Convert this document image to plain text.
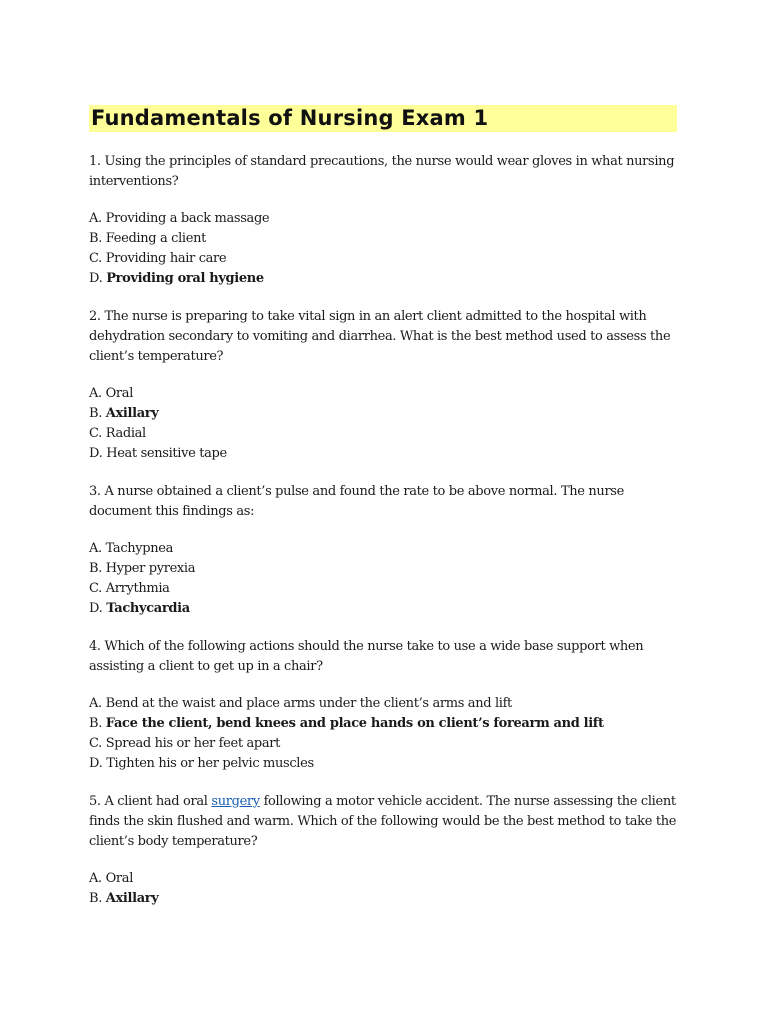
Fundamentals of Nursing Exam 1

1. Using the principles of standard precautions, the nurse would wear gloves in what nursing interventions?

A. Providing a back massage
B. Feeding a client
C. Providing hair care
D. Providing oral hygiene

2. The nurse is preparing to take vital sign in an alert client admitted to the hospital with dehydration secondary to vomiting and diarrhea. What is the best method used to assess the client’s temperature?

A. Oral
B. Axillary
C. Radial
D. Heat sensitive tape

3. A nurse obtained a client’s pulse and found the rate to be above normal. The nurse document this findings as:

A. Tachypnea
B. Hyper pyrexia
C. Arrythmia
D. Tachycardia

4. Which of the following actions should the nurse take to use a wide base support when assisting a client to get up in a chair?

A. Bend at the waist and place arms under the client’s arms and lift
B. Face the client, bend knees and place hands on client’s forearm and lift
C. Spread his or her feet apart
D. Tighten his or her pelvic muscles

5. A client had oral surgery following a motor vehicle accident. The nurse assessing the client finds the skin flushed and warm. Which of the following would be the best method to take the client’s body temperature?

A. Oral
B. Axillary
